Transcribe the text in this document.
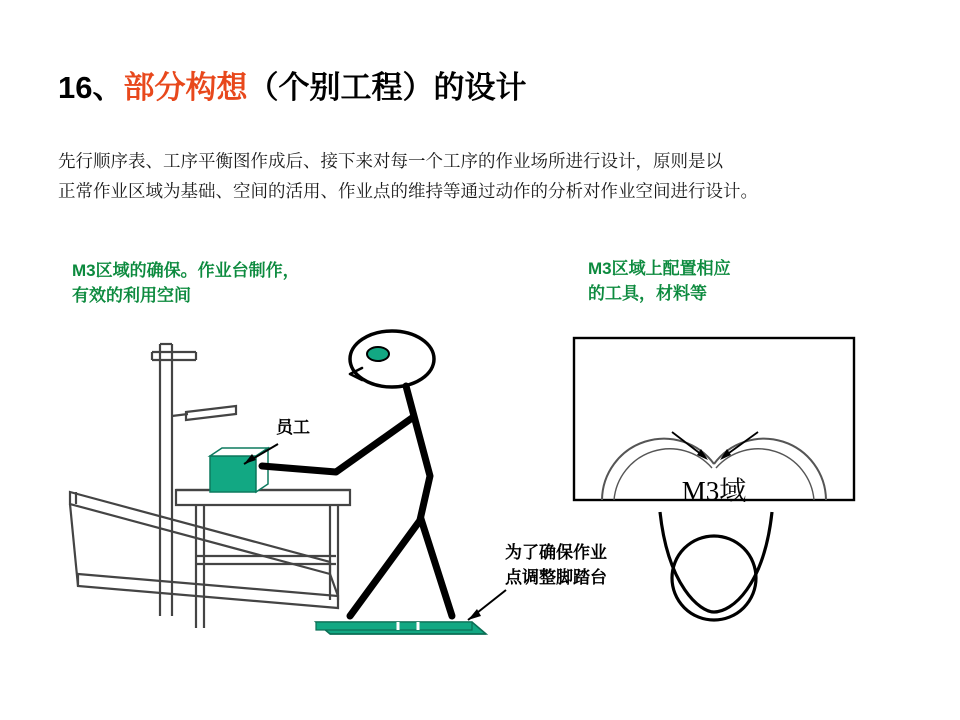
M3域
16、部分构想（个别工程）的设计
先行顺序表、工序平衡图作成后、接下来对每一个工序的作业场所进行设计，原则是以
正常作业区域为基础、空间的活用、作业点的维持等通过动作的分析对作业空间进行设计。
M3区域的确保。作业台制作，
有效的利用空间
M3区域上配置相应
的工具，材料等
员工
为了确保作业
点调整脚踏台
